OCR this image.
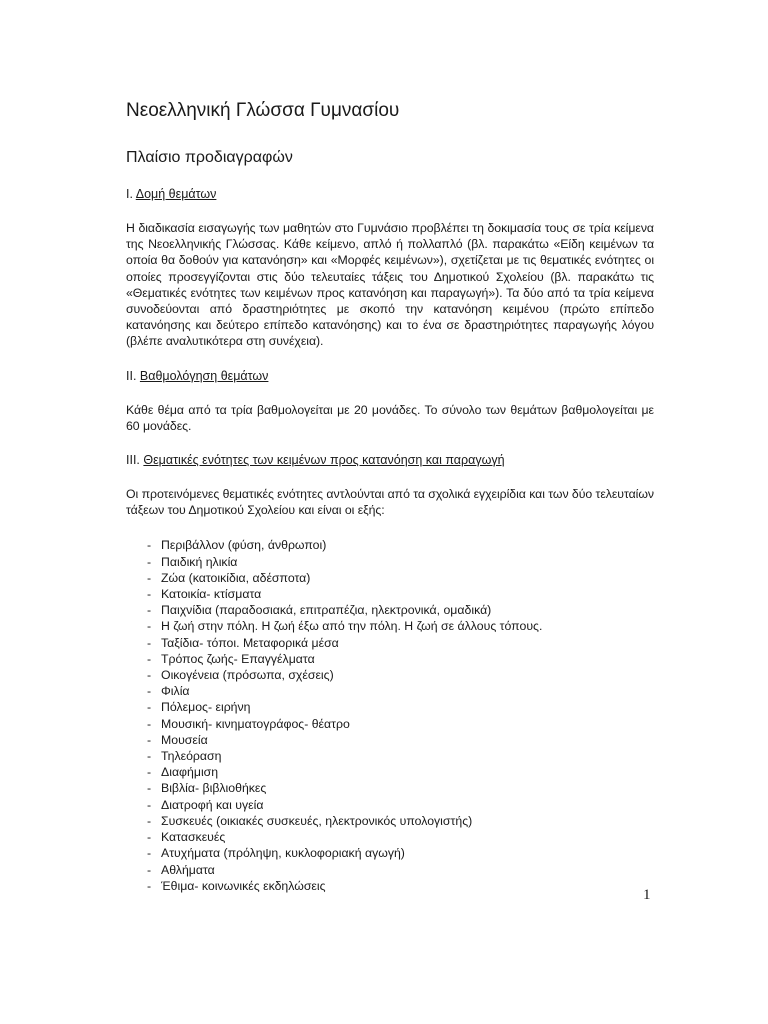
Νεοελληνική Γλώσσα Γυμνασίου
Πλαίσιο προδιαγραφών
Ι. Δομή θεμάτων

Η διαδικασία εισαγωγής των μαθητών στο Γυμνάσιο προβλέπει τη δοκιμασία τους σε τρία κείμενα της Νεοελληνικής Γλώσσας. Κάθε κείμενο, απλό ή πολλαπλό (βλ. παρακάτω «Είδη κειμένων τα οποία θα δοθούν για κατανόηση» και «Μορφές κειμένων»), σχετίζεται με τις θεματικές ενότητες οι οποίες προσεγγίζονται στις δύο τελευταίες τάξεις του Δημοτικού Σχολείου (βλ. παρακάτω τις «Θεματικές ενότητες των κειμένων προς κατανόηση και παραγωγή»). Τα δύο από τα τρία κείμενα συνοδεύονται από δραστηριότητες με σκοπό την κατανόηση κειμένου (πρώτο επίπεδο κατανόησης και δεύτερο επίπεδο κατανόησης) και το ένα σε δραστηριότητες παραγωγής λόγου (βλέπε αναλυτικότερα στη συνέχεια).

ΙΙ. Βαθμολόγηση θεμάτων

Κάθε θέμα από τα τρία βαθμολογείται με 20 μονάδες. Το σύνολο των θεμάτων βαθμολογείται με 60 μονάδες.

ΙΙΙ. Θεματικές ενότητες των κειμένων προς κατανόηση και παραγωγή

Οι προτεινόμενες θεματικές ενότητες αντλούνται από τα σχολικά εγχειρίδια και των δύο τελευταίων τάξεων του Δημοτικού Σχολείου και είναι οι εξής:

- Περιβάλλον (φύση, άνθρωποι)
- Παιδική ηλικία
- Ζώα (κατοικίδια, αδέσποτα)
- Κατοικία- κτίσματα
- Παιχνίδια (παραδοσιακά, επιτραπέζια, ηλεκτρονικά, ομαδικά)
- Η ζωή στην πόλη. Η ζωή έξω από την πόλη. Η ζωή σε άλλους τόπους.
- Ταξίδια- τόποι. Μεταφορικά μέσα
- Τρόπος ζωής- Επαγγέλματα
- Οικογένεια (πρόσωπα, σχέσεις)
- Φιλία
- Πόλεμος- ειρήνη
- Μουσική- κινηματογράφος- θέατρο
- Μουσεία
- Τηλεόραση
- Διαφήμιση
- Βιβλία- βιβλιοθήκες
- Διατροφή και υγεία
- Συσκευές (οικιακές συσκευές, ηλεκτρονικός υπολογιστής)
- Κατασκευές
- Ατυχήματα (πρόληψη, κυκλοφοριακή αγωγή)
- Αθλήματα
- Έθιμα- κοινωνικές εκδηλώσεις
1
